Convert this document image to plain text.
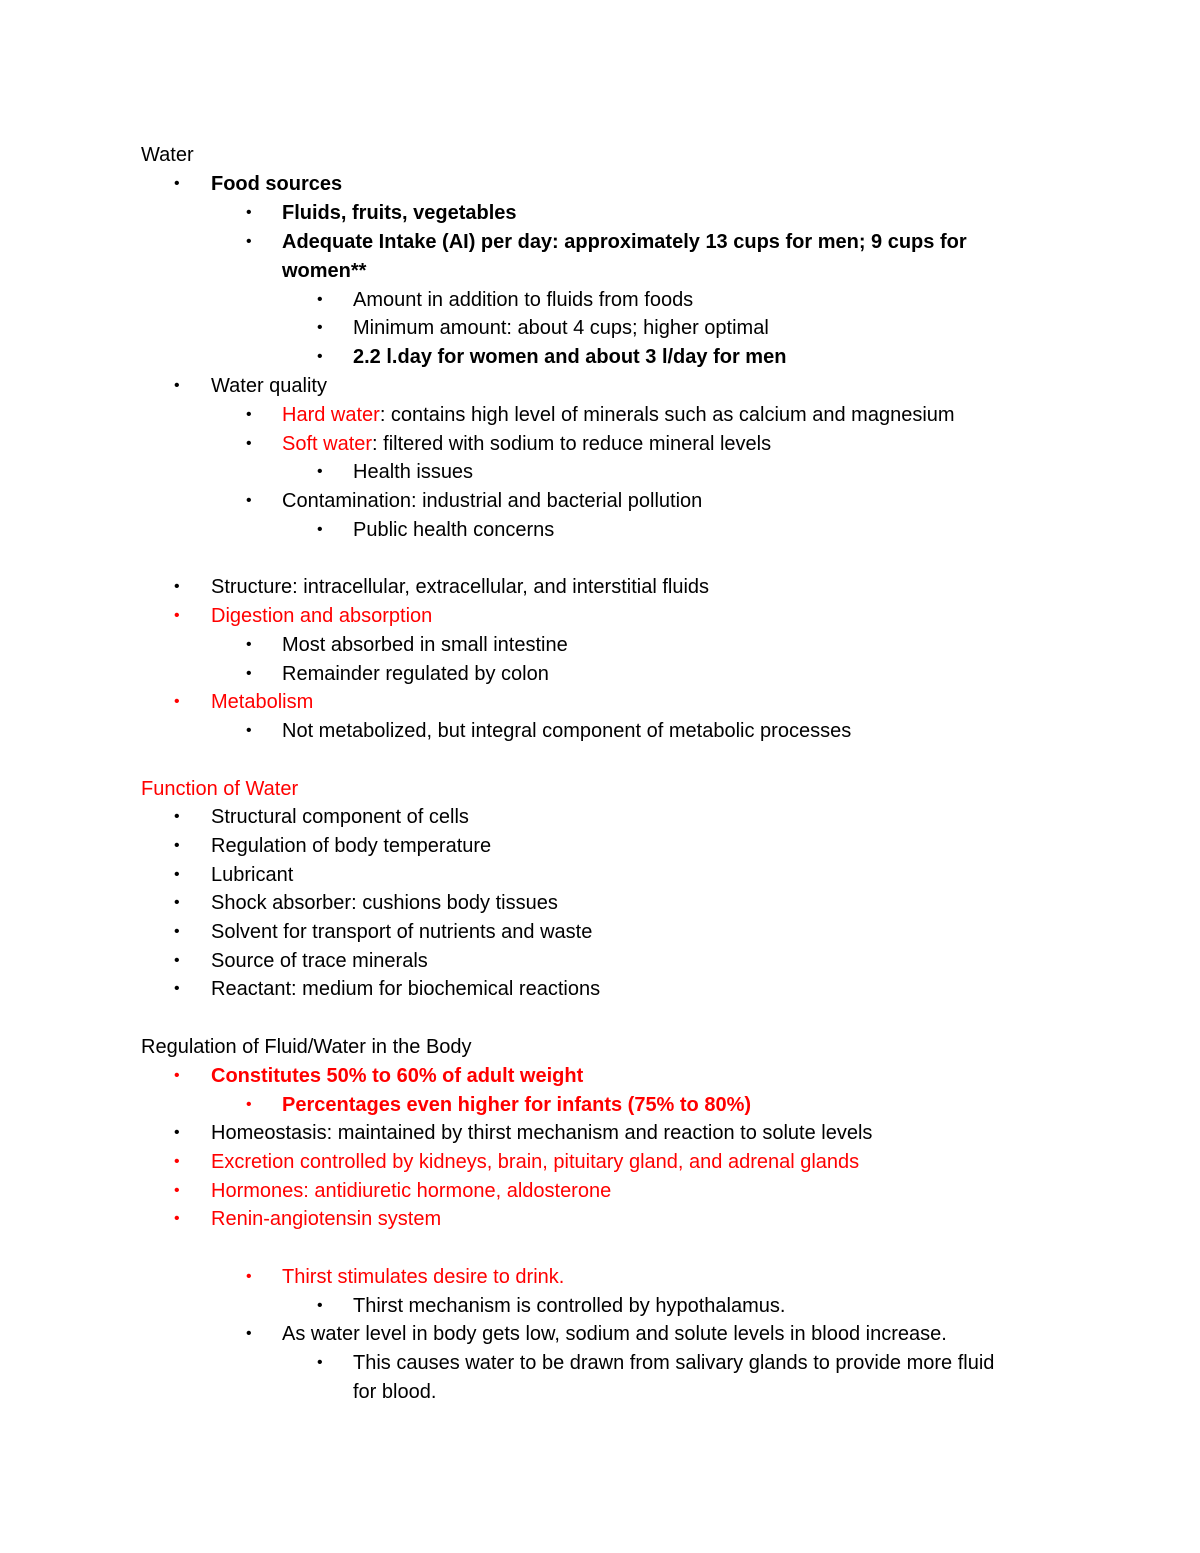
Water
• Food sources
• Fluids, fruits, vegetables
• Adequate Intake (AI) per day: approximately 13 cups for men; 9 cups for
women**
• Amount in addition to fluids from foods
• Minimum amount: about 4 cups; higher optimal
• 2.2 l.day for women and about 3 l/day for men
• Water quality
• Hard water: contains high level of minerals such as calcium and magnesium
• Soft water: filtered with sodium to reduce mineral levels
• Health issues
• Contamination: industrial and bacterial pollution
• Public health concerns
• Structure: intracellular, extracellular, and interstitial fluids
• Digestion and absorption
• Most absorbed in small intestine
• Remainder regulated by colon
• Metabolism
• Not metabolized, but integral component of metabolic processes
Function of Water
• Structural component of cells
• Regulation of body temperature
• Lubricant
• Shock absorber: cushions body tissues
• Solvent for transport of nutrients and waste
• Source of trace minerals
• Reactant: medium for biochemical reactions
Regulation of Fluid/Water in the Body
• Constitutes 50% to 60% of adult weight
• Percentages even higher for infants (75% to 80%)
• Homeostasis: maintained by thirst mechanism and reaction to solute levels
• Excretion controlled by kidneys, brain, pituitary gland, and adrenal glands
• Hormones: antidiuretic hormone, aldosterone
• Renin-angiotensin system
• Thirst stimulates desire to drink.
• Thirst mechanism is controlled by hypothalamus.
• As water level in body gets low, sodium and solute levels in blood increase.
• This causes water to be drawn from salivary glands to provide more fluid
for blood.
